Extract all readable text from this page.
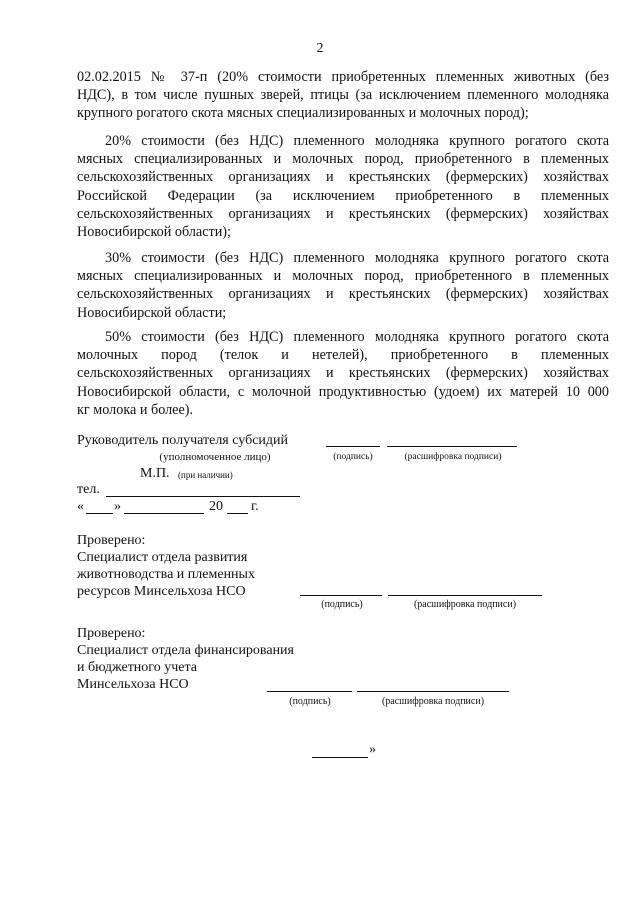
2
02.02.2015 № 37-п (20% стоимости приобретенных племенных животных (без
НДС), в том числе пушных зверей, птицы (за исключением племенного молодняка
крупного рогатого скота мясных специализированных и молочных пород);
20% стоимости (без НДС) племенного молодняка крупного рогатого скота
мясных специализированных и молочных пород, приобретенного в племенных
сельскохозяйственных организациях и крестьянских (фермерских) хозяйствах
Российской Федерации (за исключением приобретенного в племенных
сельскохозяйственных организациях и крестьянских (фермерских) хозяйствах
Новосибирской области);
30% стоимости (без НДС) племенного молодняка крупного рогатого скота
мясных специализированных и молочных пород, приобретенного в племенных
сельскохозяйственных организациях и крестьянских (фермерских) хозяйствах
Новосибирской области;
50% стоимости (без НДС) племенного молодняка крупного рогатого скота
молочных пород (телок и нетелей), приобретенного в племенных
сельскохозяйственных организациях и крестьянских (фермерских) хозяйствах
Новосибирской области, с молочной продуктивностью (удоем) их матерей 10 000
кг молока и более).
Руководитель получателя субсидий
(уполномоченное лицо)	(подпись)	(расшифровка подписи)
М.П. (при наличии)
тел.
« »	20 г.
Проверено:
Специалист отдела развития
животноводства и племенных
ресурсов Минсельхоза НСО
(подпись)	(расшифровка подписи)
Проверено:
Специалист отдела финансирования
и бюджетного учета
Минсельхоза НСО
(подпись)	(расшифровка подписи)
»
